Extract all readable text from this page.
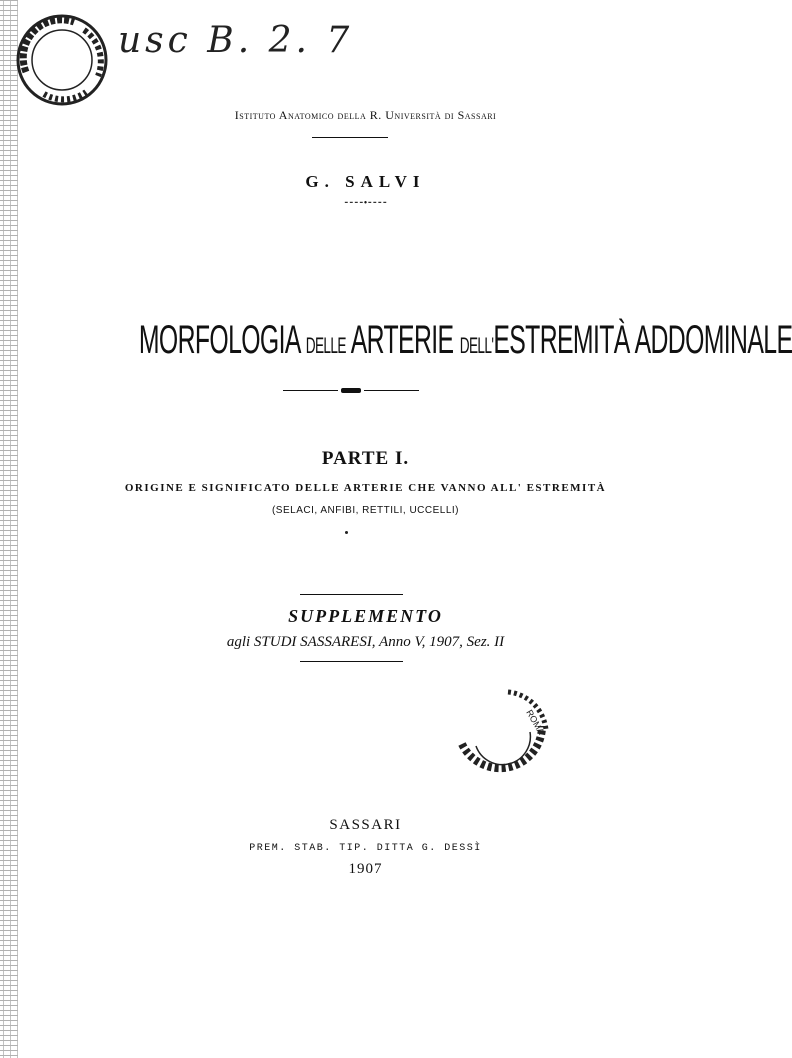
usc B. 2. 7
Istituto Anatomico della R. Università di Sassari
G. SALVI
⁃⁃⁃⁃•⁃⁃⁃⁃
MORFOLOGIA DELLE ARTERIE DELL'ESTREMITÀ ADDOMINALE
PARTE I.
ORIGINE E SIGNIFICATO DELLE ARTERIE CHE VANNO ALL' ESTREMITÀ
(SELACI, ANFIBI, RETTILI, UCCELLI)
SUPPLEMENTO
agli STUDI SASSARESI, Anno V, 1907, Sez. II
ROMA
SASSARI
PREM. STAB. TIP. DITTA G. DESSÌ
1907
